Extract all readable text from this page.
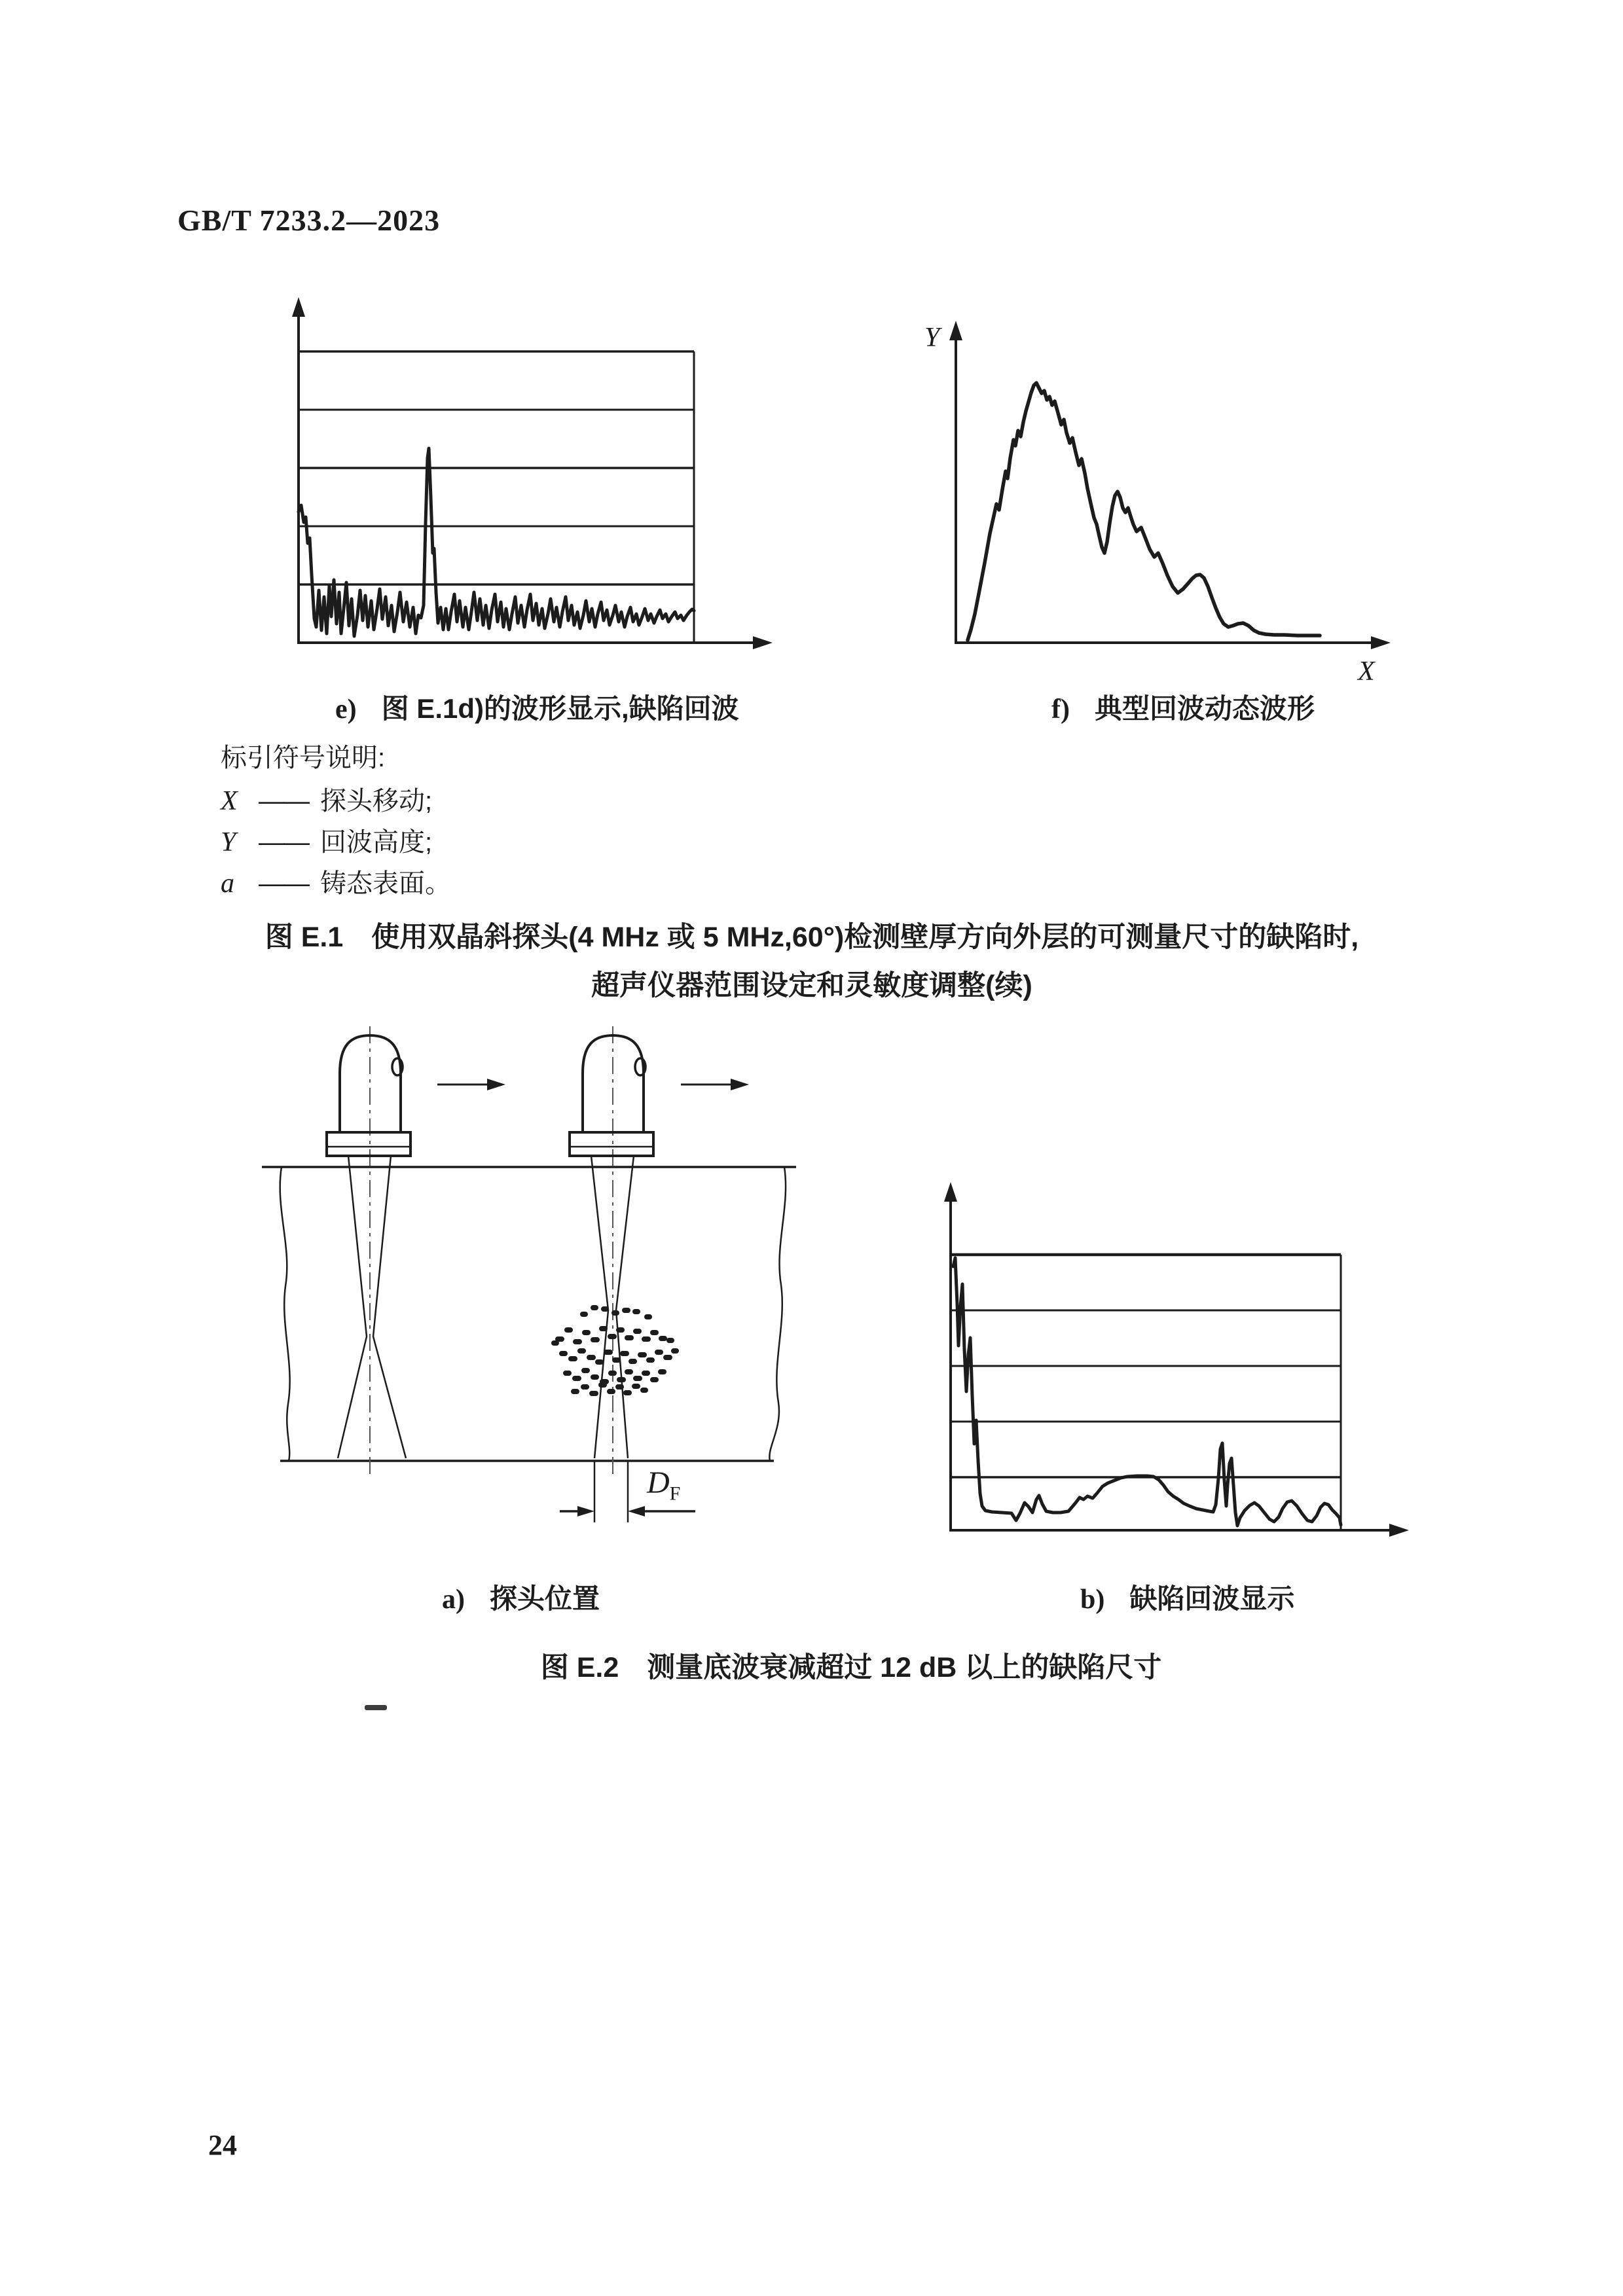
GB/T 7233.2—2023
Y
X
e) 图 E.1d)的波形显示,缺陷回波	f) 典型回波动态波形
标引符号说明:
X —— 探头移动;
Y —— 回波高度;
a —— 铸态表面。
图 E.1　使用双晶斜探头(4 MHz 或 5 MHz,60°)检测壁厚方向外层的可测量尺寸的缺陷时,
超声仪器范围设定和灵敏度调整(续)
$D_F$
a) 探头位置	b) 缺陷回波显示
图 E.2　测量底波衰减超过 12 dB 以上的缺陷尺寸
24
